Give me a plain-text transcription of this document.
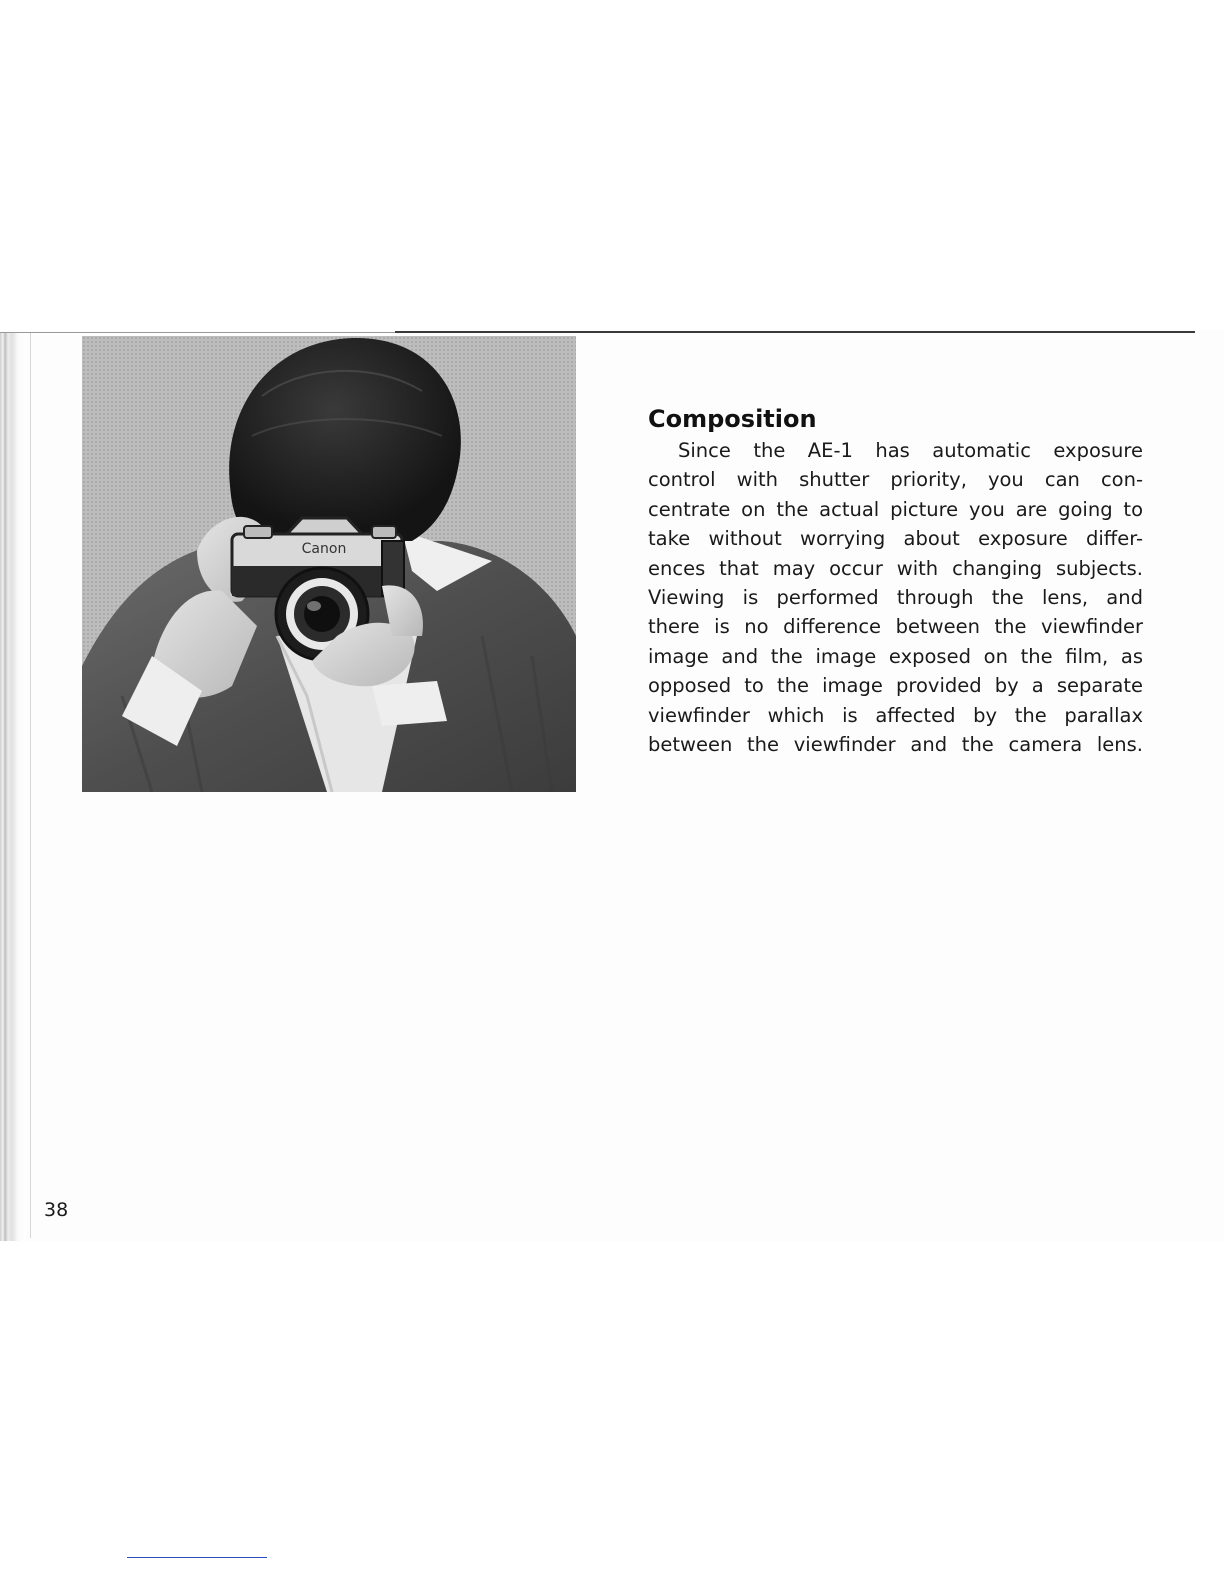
Canon
Composition
Since the AE-1 has automatic exposure
control with shutter priority, you can con-
centrate on the actual picture you are going to
take without worrying about exposure differ-
ences that may occur with changing subjects.
Viewing is performed through the lens, and
there is no difference between the viewfinder
image and the image exposed on the film, as
opposed to the image provided by a separate
viewfinder which is affected by the parallax
between the viewfinder and the camera lens.
38
